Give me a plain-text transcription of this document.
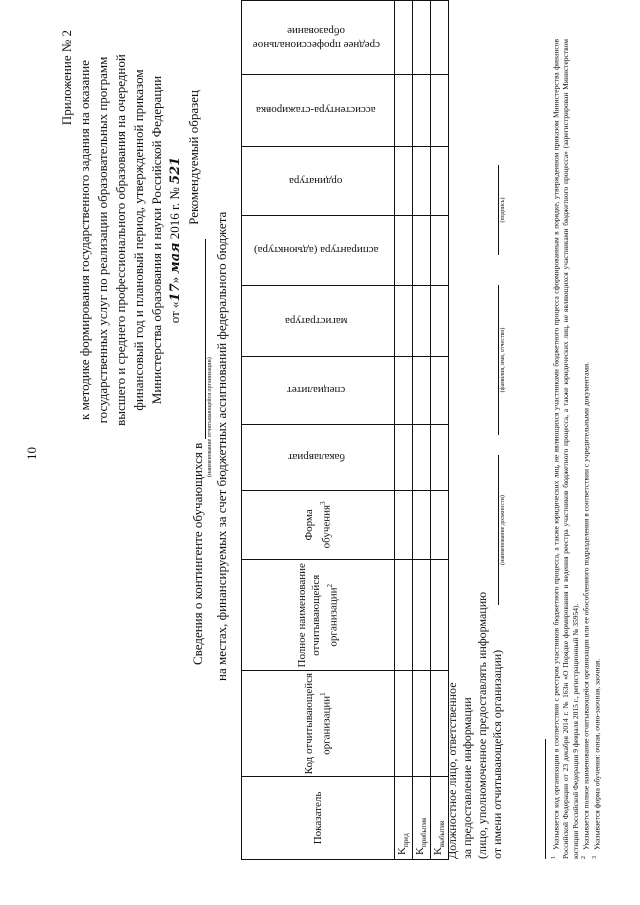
10
Приложение № 2 к методике формирования государственного задания на оказание государственных услуг по реализации образовательных программ высшего и среднего профессионального образования на очередной финансовый год и плановый период, утвержденной приказом Министерства образования и науки Российской Федерации от «17» мая 2016 г. № 521 Рекомендуемый образец
Сведения о контингенте обучающихся в
(наименование отчитывающейся организации) на местах, финансируемых за счет бюджетных ассигнований федерального бюджета
Показатель	Код отчитывающейся организации$^1$	Полное наименование отчитывающейся организации$^2$	Форма обучения$^3$	бакалавриат	специалитет	магистратура	аспирантура (адъюнктура)	ординатура	ассистентура-стажировка	среднее профессиональное образование
$K_{пред}$										
$K_{прибытия}$										
$K_{выбытия}$										
Должностное лицо, ответственное за предоставление информации (лицо, уполномоченное предоставлять информацию от имени отчитывающейся организации)
(наименование должности)
(фамилия, имя, отчество)
(подпись)

$^1$Указывается код организации в соответствии с реестром участников бюджетного процесса, а также юридических лиц, не являющихся участниками бюджетного процесса сформированным в порядке, утвержденном приказом Министерства финансов Российской Федерации от 23 декабря 2014 г. № 163н «О Порядке формирования и ведения реестра участников бюджетного процесса, а также юридических лиц, не являющихся участниками бюджетного процесса» (зарегистрирован Министерством юстиции Российской Федерации 9 февраля 2015 г., регистрационный № 35954). $^2$Указывается полное наименование отчитывающейся организации или ее обособленного подразделения в соответствии с учредительными документами.

$^3$Указывается форма обучения: очная, очно-заочная, заочная.
